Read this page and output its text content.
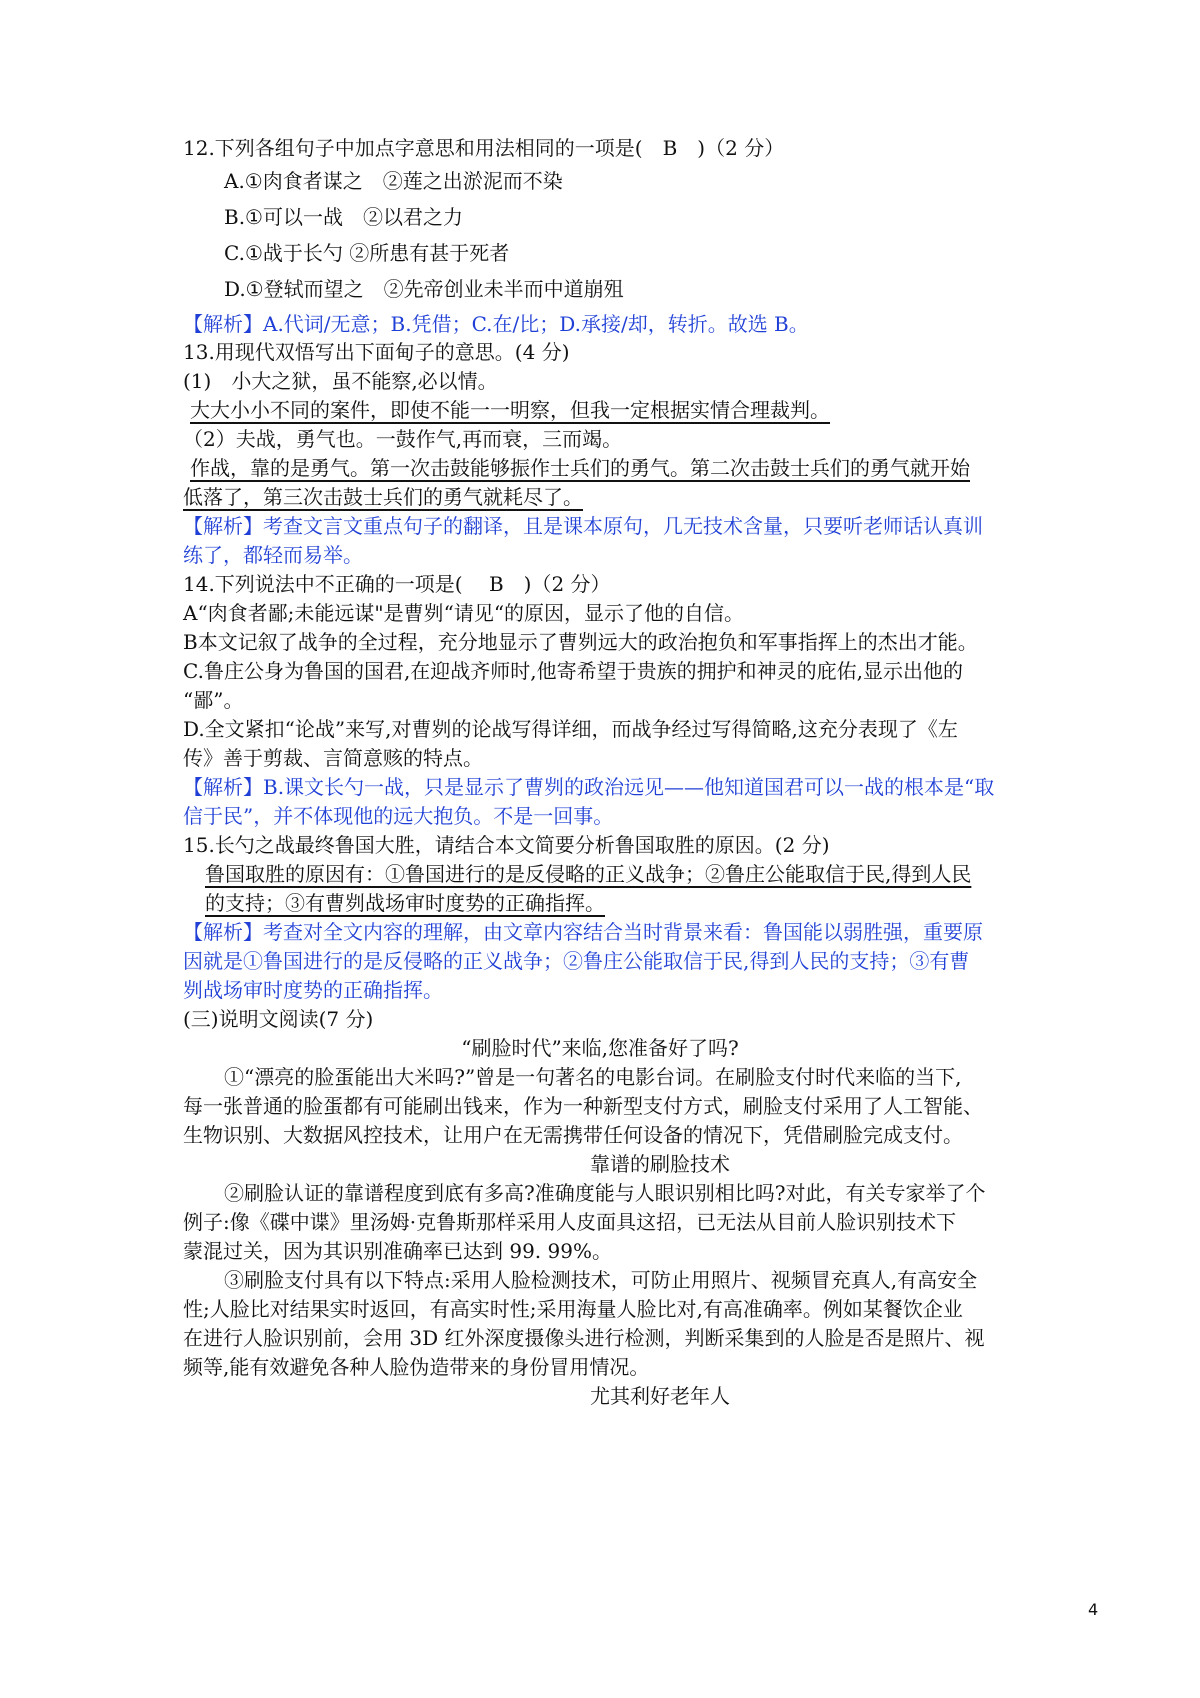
12.下列各组句子中加点字意思和用法相同的一项是(　B　)（2 分）
A.①肉食者谋之　②莲之出淤泥而不染
B.①可以一战　②以君之力
C.①战于长勺 ②所患有甚于死者
D.①登轼而望之　②先帝创业未半而中道崩殂
【解析】A.代词/无意；B.凭借；C.在/比；D.承接/却，转折。故选 B。
13.用现代双悟写出下面甸子的意思。(4 分)
(1)　小大之狱，虽不能察,必以情。
大大小小不同的案件，即使不能一一明察，但我一定根据实情合理裁判。
（2）夫战，勇气也。一鼓作气,再而衰，三而竭。
作战，靠的是勇气。第一次击鼓能够振作士兵们的勇气。第二次击鼓士兵们的勇气就开始
低落了，第三次击鼓士兵们的勇气就耗尽了。
【解析】考查文言文重点句子的翻译，且是课本原句，几无技术含量，只要听老师话认真训
练了，都轻而易举。
14.下列说法中不正确的一项是(　 B　)（2 分）
A“肉食者鄙;未能远谋"是曹刿“请见“的原因，显示了他的自信。
B本文记叙了战争的全过程，充分地显示了曹刿远大的政治抱负和军事指挥上的杰出才能。
C.鲁庄公身为鲁国的国君,在迎战齐师时,他寄希望于贵族的拥护和神灵的庇佑,显示出他的
“鄙”。
D.全文紧扣“论战”来写,对曹刿的论战写得详细，而战争经过写得简略,这充分表现了《左
传》善于剪裁、言简意赅的特点。
【解析】B.课文长勺一战，只是显示了曹刿的政治远见——他知道国君可以一战的根本是“取
信于民”，并不体现他的远大抱负。不是一回事。
15.长勺之战最终鲁国大胜，请结合本文简要分析鲁国取胜的原因。(2 分)
鲁国取胜的原因有：①鲁国进行的是反侵略的正义战争；②鲁庄公能取信于民,得到人民
的支持；③有曹刿战场审时度势的正确指挥。
【解析】考查对全文内容的理解，由文章内容结合当时背景来看：鲁国能以弱胜强，重要原
因就是①鲁国进行的是反侵略的正义战争；②鲁庄公能取信于民,得到人民的支持；③有曹
刿战场审时度势的正确指挥。
(三)说明文阅读(7 分)
“刷脸时代”来临,您准备好了吗?
①“漂亮的脸蛋能出大米吗?”曾是一句著名的电影台词。在刷脸支付时代来临的当下,
每一张普通的脸蛋都有可能刷出钱来，作为一种新型支付方式，刷脸支付采用了人工智能、
生物识别、大数据风控技术，让用户在无需携带任何设备的情况下，凭借刷脸完成支付。
靠谱的刷脸技术
②刷脸认证的靠谱程度到底有多高?准确度能与人眼识别相比吗?对此，有关专家举了个
例子:像《碟中谍》里汤姆·克鲁斯那样采用人皮面具这招，已无法从目前人脸识别技术下
蒙混过关，因为其识别准确率已达到 99. 99%。
③刷脸支付具有以下特点:采用人脸检测技术，可防止用照片、视频冒充真人,有高安全
性;人脸比对结果实时返回，有高实时性;采用海量人脸比对,有高准确率。例如某餐饮企业
在进行人脸识别前，会用 3D 红外深度摄像头进行检测，判断采集到的人脸是否是照片、视
频等,能有效避免各种人脸伪造带来的身份冒用情况。
尤其利好老年人
4
